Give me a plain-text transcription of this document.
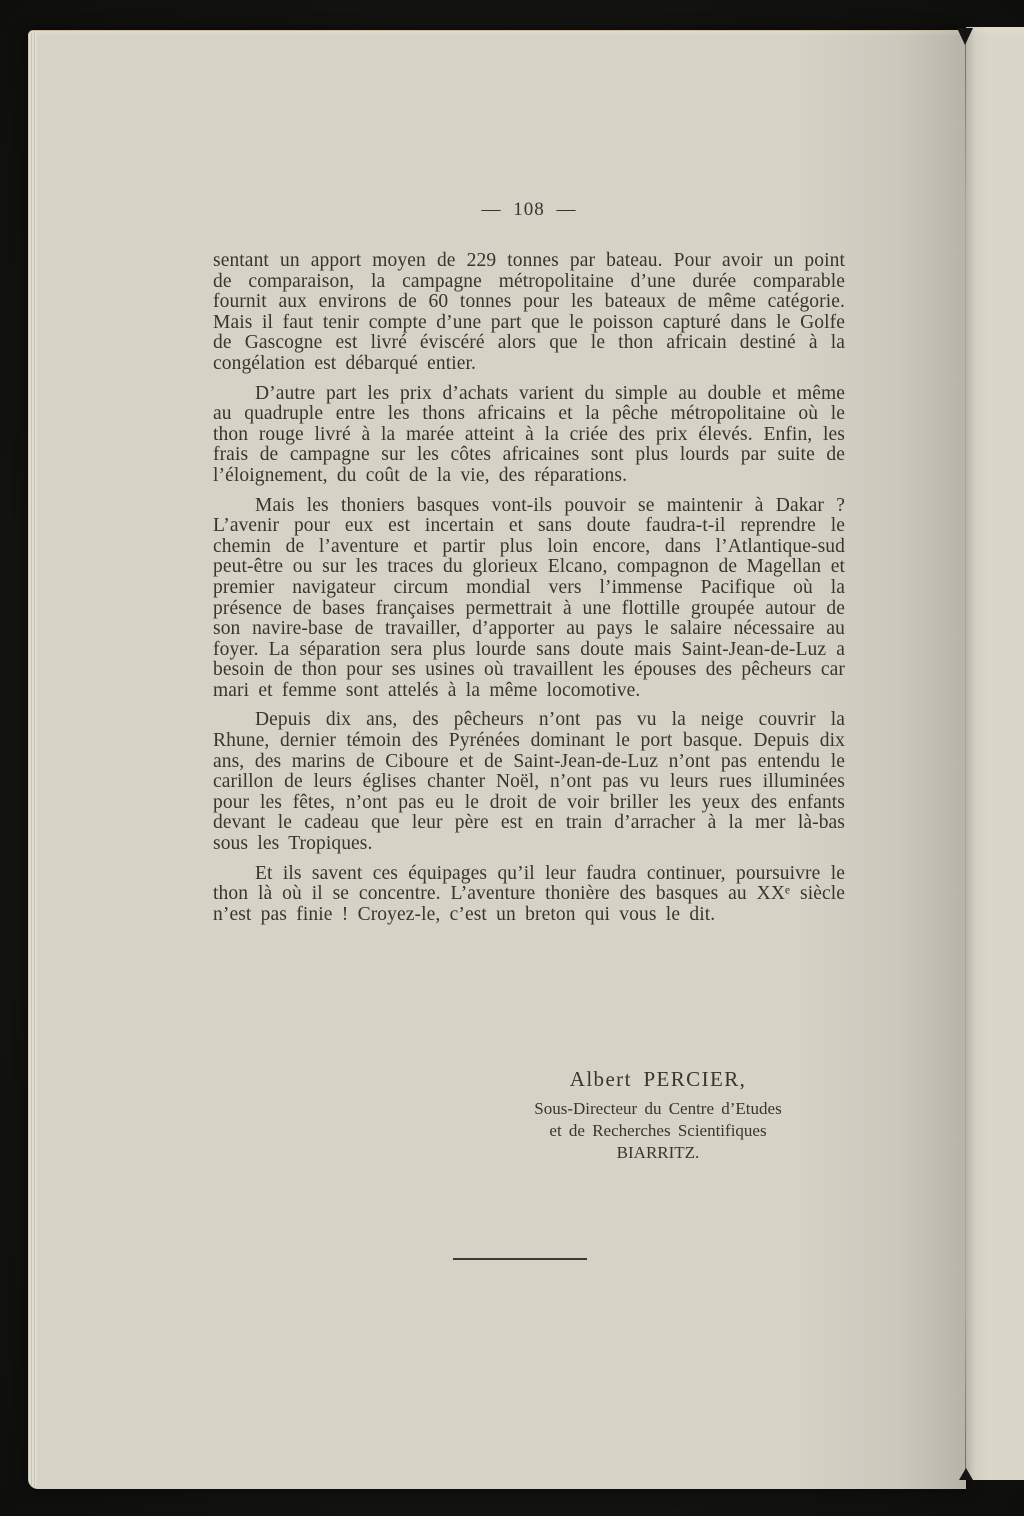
— 108 —

sentant un apport moyen de 229 tonnes par bateau. Pour avoir un point de comparaison, la campagne métropolitaine d’une durée comparable fournit aux environs de 60 tonnes pour les bateaux de même catégorie. Mais il faut tenir compte d’une part que le poisson capturé dans le Golfe de Gascogne est livré éviscéré alors que le thon africain destiné à la congélation est débarqué entier.

D’autre part les prix d’achats varient du simple au double et même au quadruple entre les thons africains et la pêche métropolitaine où le thon rouge livré à la marée atteint à la criée des prix élevés. Enfin, les frais de campagne sur les côtes africaines sont plus lourds par suite de l’éloignement, du coût de la vie, des réparations.

Mais les thoniers basques vont-ils pouvoir se maintenir à Dakar ? L’avenir pour eux est incertain et sans doute faudra-t-il reprendre le chemin de l’aventure et partir plus loin encore, dans l’Atlantique-sud peut-être ou sur les traces du glorieux Elcano, compagnon de Magellan et premier navigateur circum mondial vers l’immense Pacifique où la présence de bases françaises permettrait à une flottille groupée autour de son navire-base de travailler, d’apporter au pays le salaire nécessaire au foyer. La séparation sera plus lourde sans doute mais Saint-Jean-de-Luz a besoin de thon pour ses usines où travaillent les épouses des pêcheurs car mari et femme sont attelés à la même locomotive.

Depuis dix ans, des pêcheurs n’ont pas vu la neige couvrir la Rhune, dernier témoin des Pyrénées dominant le port basque. Depuis dix ans, des marins de Ciboure et de Saint-Jean-de-Luz n’ont pas entendu le carillon de leurs églises chanter Noël, n’ont pas vu leurs rues illuminées pour les fêtes, n’ont pas eu le droit de voir briller les yeux des enfants devant le cadeau que leur père est en train d’arracher à la mer là-bas sous les Tropiques.

Et ils savent ces équipages qu’il leur faudra continuer, poursuivre le thon là où il se concentre. L’aventure thonière des basques au XXᵉ siècle n’est pas finie ! Croyez-le, c’est un breton qui vous le dit.

Albert PERCIER,

Sous-Directeur du Centre d’Etudes

et de Recherches Scientifiques

BIARRITZ.
